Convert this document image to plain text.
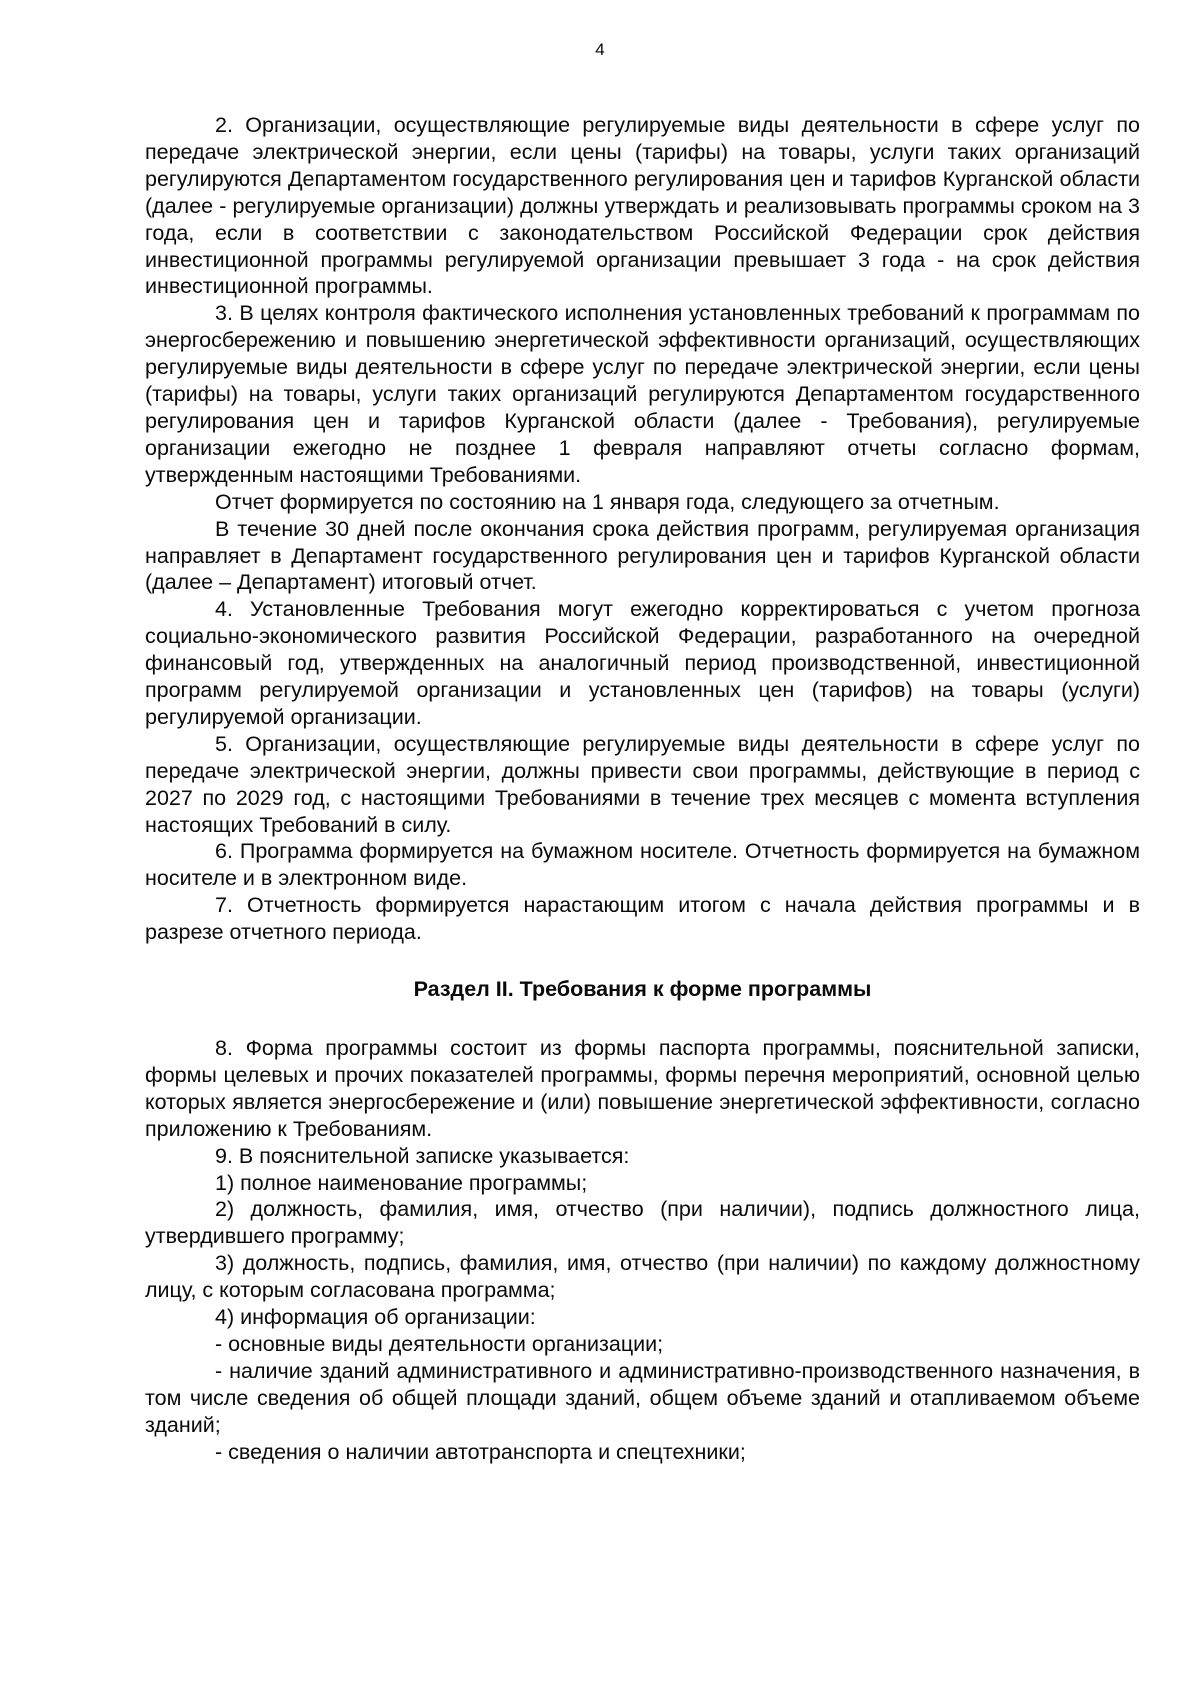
4

2. Организации, осуществляющие регулируемые виды деятельности в сфере услуг по передаче электрической энергии, если цены (тарифы) на товары, услуги таких организаций регулируются Департаментом государственного регулирования цен и тарифов Курганской области (далее - регулируемые организации) должны утверждать и реализовывать программы сроком на 3 года, если в соответствии с законодательством Российской Федерации срок действия инвестиционной программы регулируемой организации превышает 3 года - на срок действия инвестиционной программы.

3. В целях контроля фактического исполнения установленных требований к программам по энергосбережению и повышению энергетической эффективности организаций, осуществляющих регулируемые виды деятельности в сфере услуг по передаче электрической энергии, если цены (тарифы) на товары, услуги таких организаций регулируются Департаментом государственного регулирования цен и тарифов Курганской области (далее - Требования), регулируемые организации ежегодно не позднее 1 февраля направляют отчеты согласно формам, утвержденным настоящими Требованиями.

Отчет формируется по состоянию на 1 января года, следующего за отчетным.

В течение 30 дней после окончания срока действия программ, регулируемая организация направляет в Департамент государственного регулирования цен и тарифов Курганской области (далее – Департамент) итоговый отчет.

4. Установленные Требования могут ежегодно корректироваться с учетом прогноза социально-экономического развития Российской Федерации, разработанного на очередной финансовый год, утвержденных на аналогичный период производственной, инвестиционной программ регулируемой организации и установленных цен (тарифов) на товары (услуги) регулируемой организации.

5. Организации, осуществляющие регулируемые виды деятельности в сфере услуг по передаче электрической энергии, должны привести свои программы, действующие в период с 2027 по 2029 год, с настоящими Требованиями в течение трех месяцев с момента вступления настоящих Требований в силу.

6. Программа формируется на бумажном носителе. Отчетность формируется на бумажном носителе и в электронном виде.

7. Отчетность формируется нарастающим итогом с начала действия программы и в разрезе отчетного периода.

Раздел II. Требования к форме программы

8. Форма программы состоит из формы паспорта программы, пояснительной записки, формы целевых и прочих показателей программы, формы перечня мероприятий, основной целью которых является энергосбережение и (или) повышение энергетической эффективности, согласно приложению к Требованиям.

9. В пояснительной записке указывается:

1) полное наименование программы;

2) должность, фамилия, имя, отчество (при наличии), подпись должностного лица, утвердившего программу;

3) должность, подпись, фамилия, имя, отчество (при наличии) по каждому должностному лицу, с которым согласована программа;

4) информация об организации:

- основные виды деятельности организации;

- наличие зданий административного и административно-производственного назначения, в том числе сведения об общей площади зданий, общем объеме зданий и отапливаемом объеме зданий;

- сведения о наличии автотранспорта и спецтехники;
